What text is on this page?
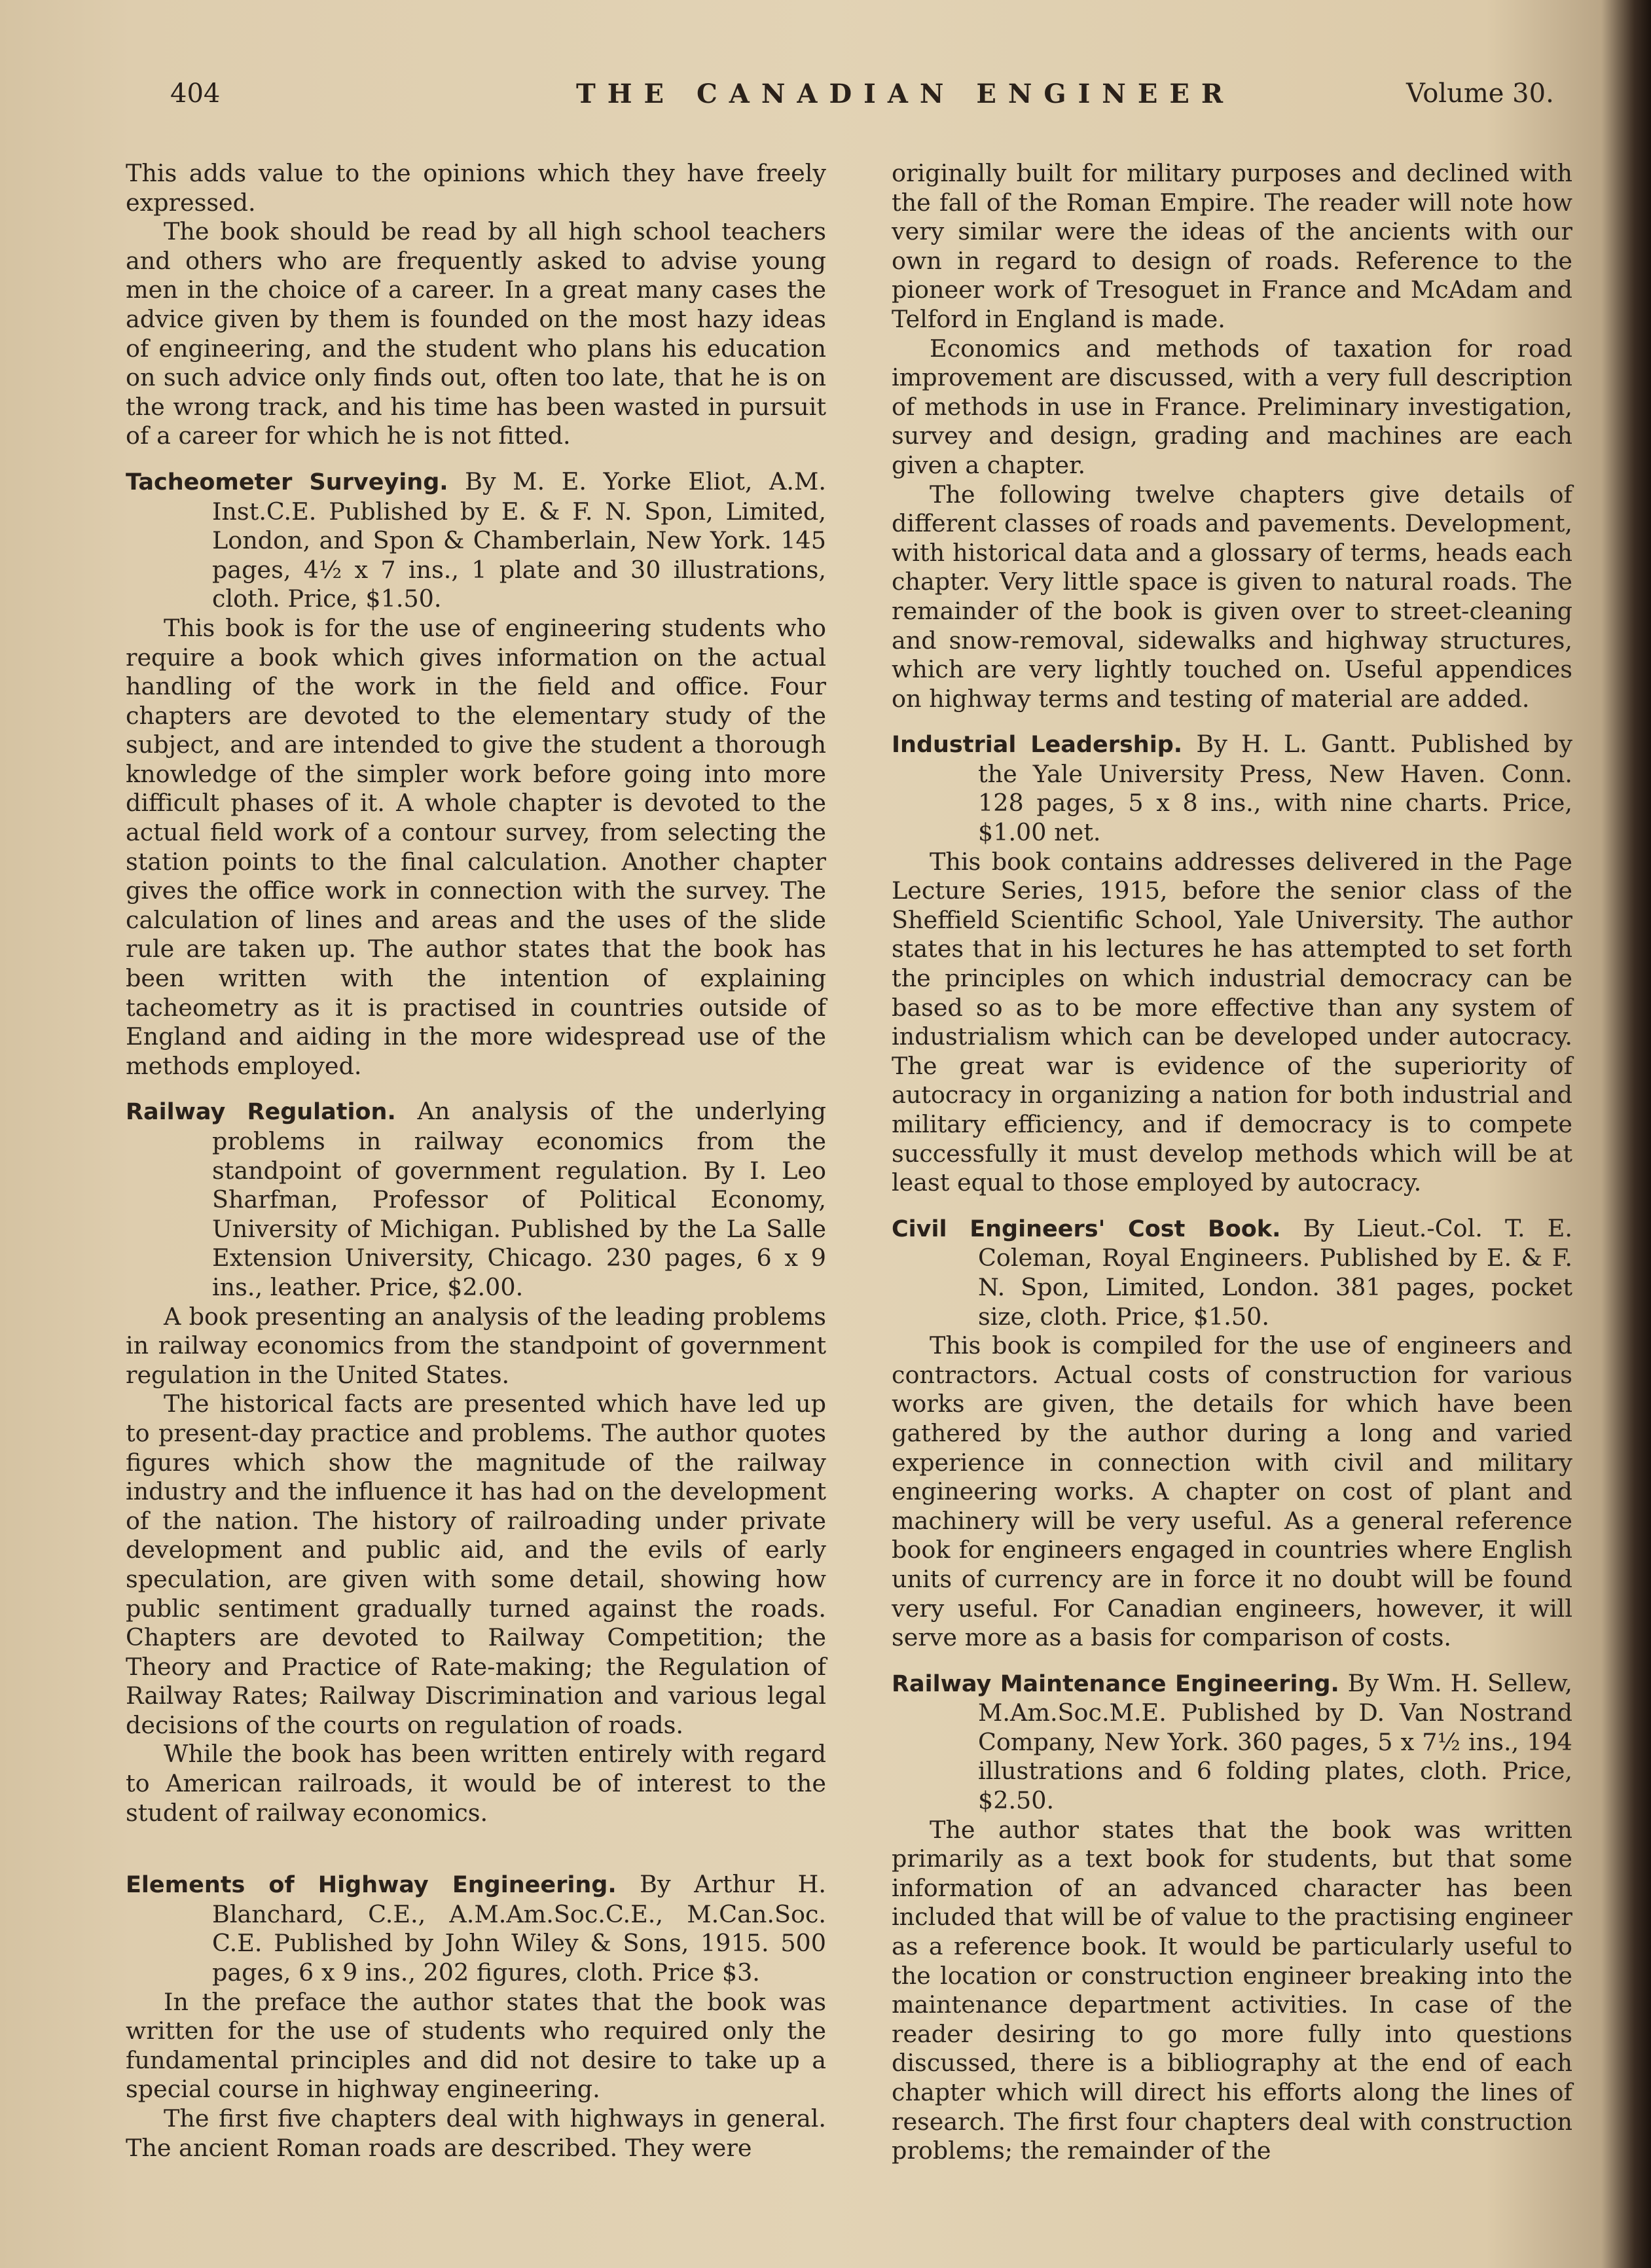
404	THE CANADIAN ENGINEER	Volume 30.

This adds value to the opinions which they have freely expressed.

The book should be read by all high school teachers and others who are frequently asked to advise young men in the choice of a career. In a great many cases the advice given by them is founded on the most hazy ideas of engineering, and the student who plans his education on such advice only finds out, often too late, that he is on the wrong track, and his time has been wasted in pursuit of a career for which he is not fitted.

Tacheometer Surveying. By M. E. Yorke Eliot, A.M. Inst.C.E. Published by E. & F. N. Spon, Limited, London, and Spon & Chamberlain, New York. 145 pages, 4½ x 7 ins., 1 plate and 30 illustrations, cloth. Price, $1.50.

This book is for the use of engineering students who require a book which gives information on the actual handling of the work in the field and office. Four chapters are devoted to the elementary study of the subject, and are intended to give the student a thorough knowledge of the simpler work before going into more difficult phases of it. A whole chapter is devoted to the actual field work of a contour survey, from selecting the station points to the final calculation. Another chapter gives the office work in connection with the survey. The calculation of lines and areas and the uses of the slide rule are taken up. The author states that the book has been written with the intention of explaining tacheometry as it is practised in countries outside of England and aiding in the more widespread use of the methods employed.

Railway Regulation. An analysis of the underlying problems in railway economics from the standpoint of government regulation. By I. Leo Sharfman, Professor of Political Economy, University of Michigan. Published by the La Salle Extension University, Chicago. 230 pages, 6 x 9 ins., leather. Price, $2.00.

A book presenting an analysis of the leading problems in railway economics from the standpoint of government regulation in the United States.

The historical facts are presented which have led up to present-day practice and problems. The author quotes figures which show the magnitude of the railway industry and the influence it has had on the development of the nation. The history of railroading under private development and public aid, and the evils of early speculation, are given with some detail, showing how public sentiment gradually turned against the roads. Chapters are devoted to Railway Competition; the Theory and Practice of Rate-making; the Regulation of Railway Rates; Railway Discrimination and various legal decisions of the courts on regulation of roads.

While the book has been written entirely with regard to American railroads, it would be of interest to the student of railway economics.

Elements of Highway Engineering. By Arthur H. Blanchard, C.E., A.M.Am.Soc.C.E., M.Can.Soc. C.E. Published by John Wiley & Sons, 1915. 500 pages, 6 x 9 ins., 202 figures, cloth. Price $3.

In the preface the author states that the book was written for the use of students who required only the fundamental principles and did not desire to take up a special course in highway engineering.

The first five chapters deal with highways in general. The ancient Roman roads are described. They were

originally built for military purposes and declined with the fall of the Roman Empire. The reader will note how very similar were the ideas of the ancients with our own in regard to design of roads. Reference to the pioneer work of Tresoguet in France and McAdam and Telford in England is made.

Economics and methods of taxation for road improvement are discussed, with a very full description of methods in use in France. Preliminary investigation, survey and design, grading and machines are each given a chapter.

The following twelve chapters give details of different classes of roads and pavements. Development, with historical data and a glossary of terms, heads each chapter. Very little space is given to natural roads. The remainder of the book is given over to street-cleaning and snow-removal, sidewalks and highway structures, which are very lightly touched on. Useful appendices on highway terms and testing of material are added.

Industrial Leadership. By H. L. Gantt. Published by the Yale University Press, New Haven. Conn. 128 pages, 5 x 8 ins., with nine charts. Price, $1.00 net.

This book contains addresses delivered in the Page Lecture Series, 1915, before the senior class of the Sheffield Scientific School, Yale University. The author states that in his lectures he has attempted to set forth the principles on which industrial democracy can be based so as to be more effective than any system of industrialism which can be developed under autocracy. The great war is evidence of the superiority of autocracy in organizing a nation for both industrial and military efficiency, and if democracy is to compete successfully it must develop methods which will be at least equal to those employed by autocracy.

Civil Engineers' Cost Book. By Lieut.-Col. T. E. Coleman, Royal Engineers. Published by E. & F. N. Spon, Limited, London. 381 pages, pocket size, cloth. Price, $1.50.

This book is compiled for the use of engineers and contractors. Actual costs of construction for various works are given, the details for which have been gathered by the author during a long and varied experience in connection with civil and military engineering works. A chapter on cost of plant and machinery will be very useful. As a general reference book for engineers engaged in countries where English units of currency are in force it no doubt will be found very useful. For Canadian engineers, however, it will serve more as a basis for comparison of costs.

Railway Maintenance Engineering. By Wm. H. Sellew, M.Am.Soc.M.E. Published by D. Van Nostrand Company, New York. 360 pages, 5 x 7½ ins., 194 illustrations and 6 folding plates, cloth. Price, $2.50.

The author states that the book was written primarily as a text book for students, but that some information of an advanced character has been included that will be of value to the practising engineer as a reference book. It would be particularly useful to the location or construction engineer breaking into the maintenance department activities. In case of the reader desiring to go more fully into questions discussed, there is a bibliography at the end of each chapter which will direct his efforts along the lines of research. The first four chapters deal with construction problems; the remainder of the
